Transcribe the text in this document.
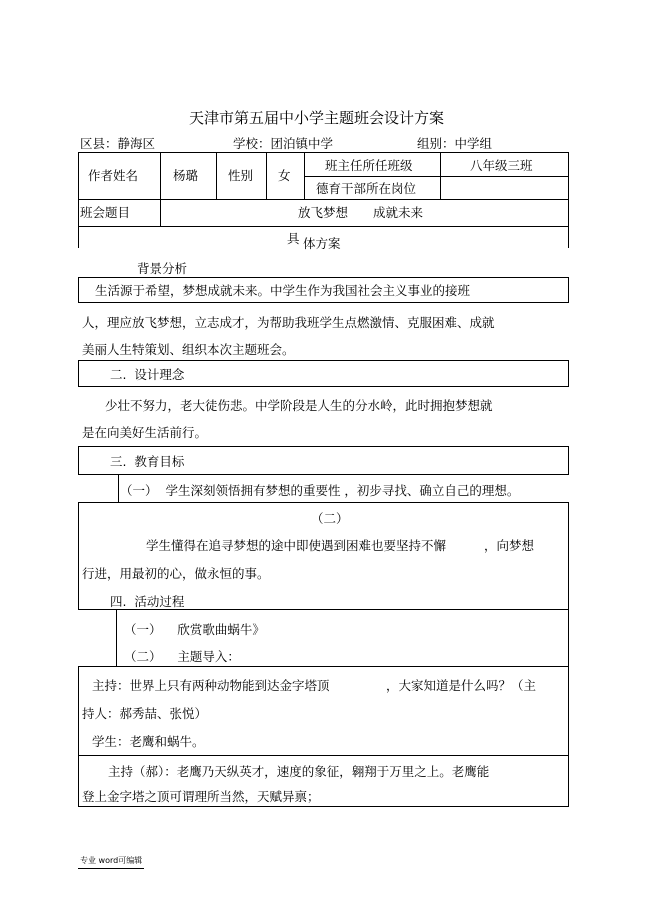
天津市第五届中小学主题班会设计方案
区县：静海区	学校：团泊镇中学	组别：中学组
作者姓名	杨璐 性别 女
班主任所任班级	八年级三班
德育干部所在岗位
班会题目	放飞梦想　　成就未来
具 体方案
背景分析
生活源于希望，梦想成就未来。中学生作为我国社会主义事业的接班
人，理应放飞梦想，立志成才，为帮助我班学生点燃激情、克服困难、成就
美丽人生特策划、组织本次主题班会。
二.  设计理念
少壮不努力，老大徒伤悲。中学阶段是人生的分水岭，此时拥抱梦想就
是在向美好生活前行。
三.  教育目标
（一）  学生深刻领悟拥有梦想的重要性 ，初步寻找、确立自己的理想。
（二）
学生懂得在追寻梦想的途中即使遇到困难也要坚持不懈	，向梦想
行进，用最初的心，做永恒的事。
四.  活动过程
（一）    欣赏歌曲蜗牛》
（二）    主题导入：
主持：世界上只有两种动物能到达金字塔顶	，大家知道是什么吗？（主
持人：郝秀喆、张悦）
学生：老鹰和蜗牛。
主持（郝）：老鹰乃天纵英才，速度的象征，翱翔于万里之上。老鹰能
登上金字塔之顶可谓理所当然，天赋异禀；
专业 word可编辑
